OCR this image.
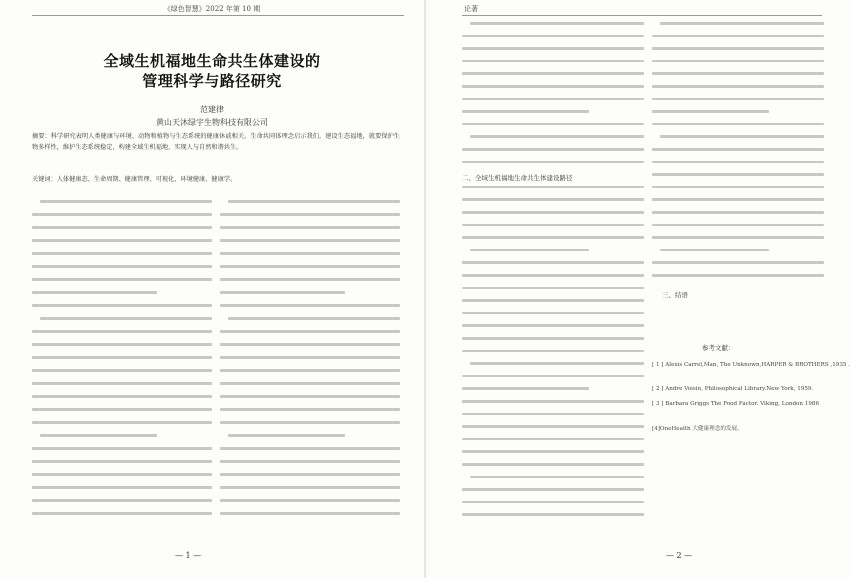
《绿色智慧》2022 年第 10 期
全域生机福地生命共生体建设的
管理科学与路径研究
范建律
黄山天沐绿宇生物科技有限公司
摘要：科学研究表明人类健康与环境、动物和植物与生态系统的健康休戚相关。生命共同体理念启示我们，建设生态福地，就要保护生物多样性，维护生态系统稳定，构建全域生机福地，实现人与自然和谐共生。
关键词：人体健康态、生命周期、健康管理、可视化、环境健康、健康学。
— 1 —
论著
二、全域生机福地生命共生体建设路径
三、结语
参考文献：
[ 1 ] Alexis Carrel,Man, The Unknown,HARPER & BROTHERS ,1935 .
[ 2 ] Andre Voisin, Philosophical Library.New York, 1959.
[ 3 ] Barbara Griggs The Food Factor. Viking, London 1986
[4]OneHealth 大健康理念的发展。
— 2 —
